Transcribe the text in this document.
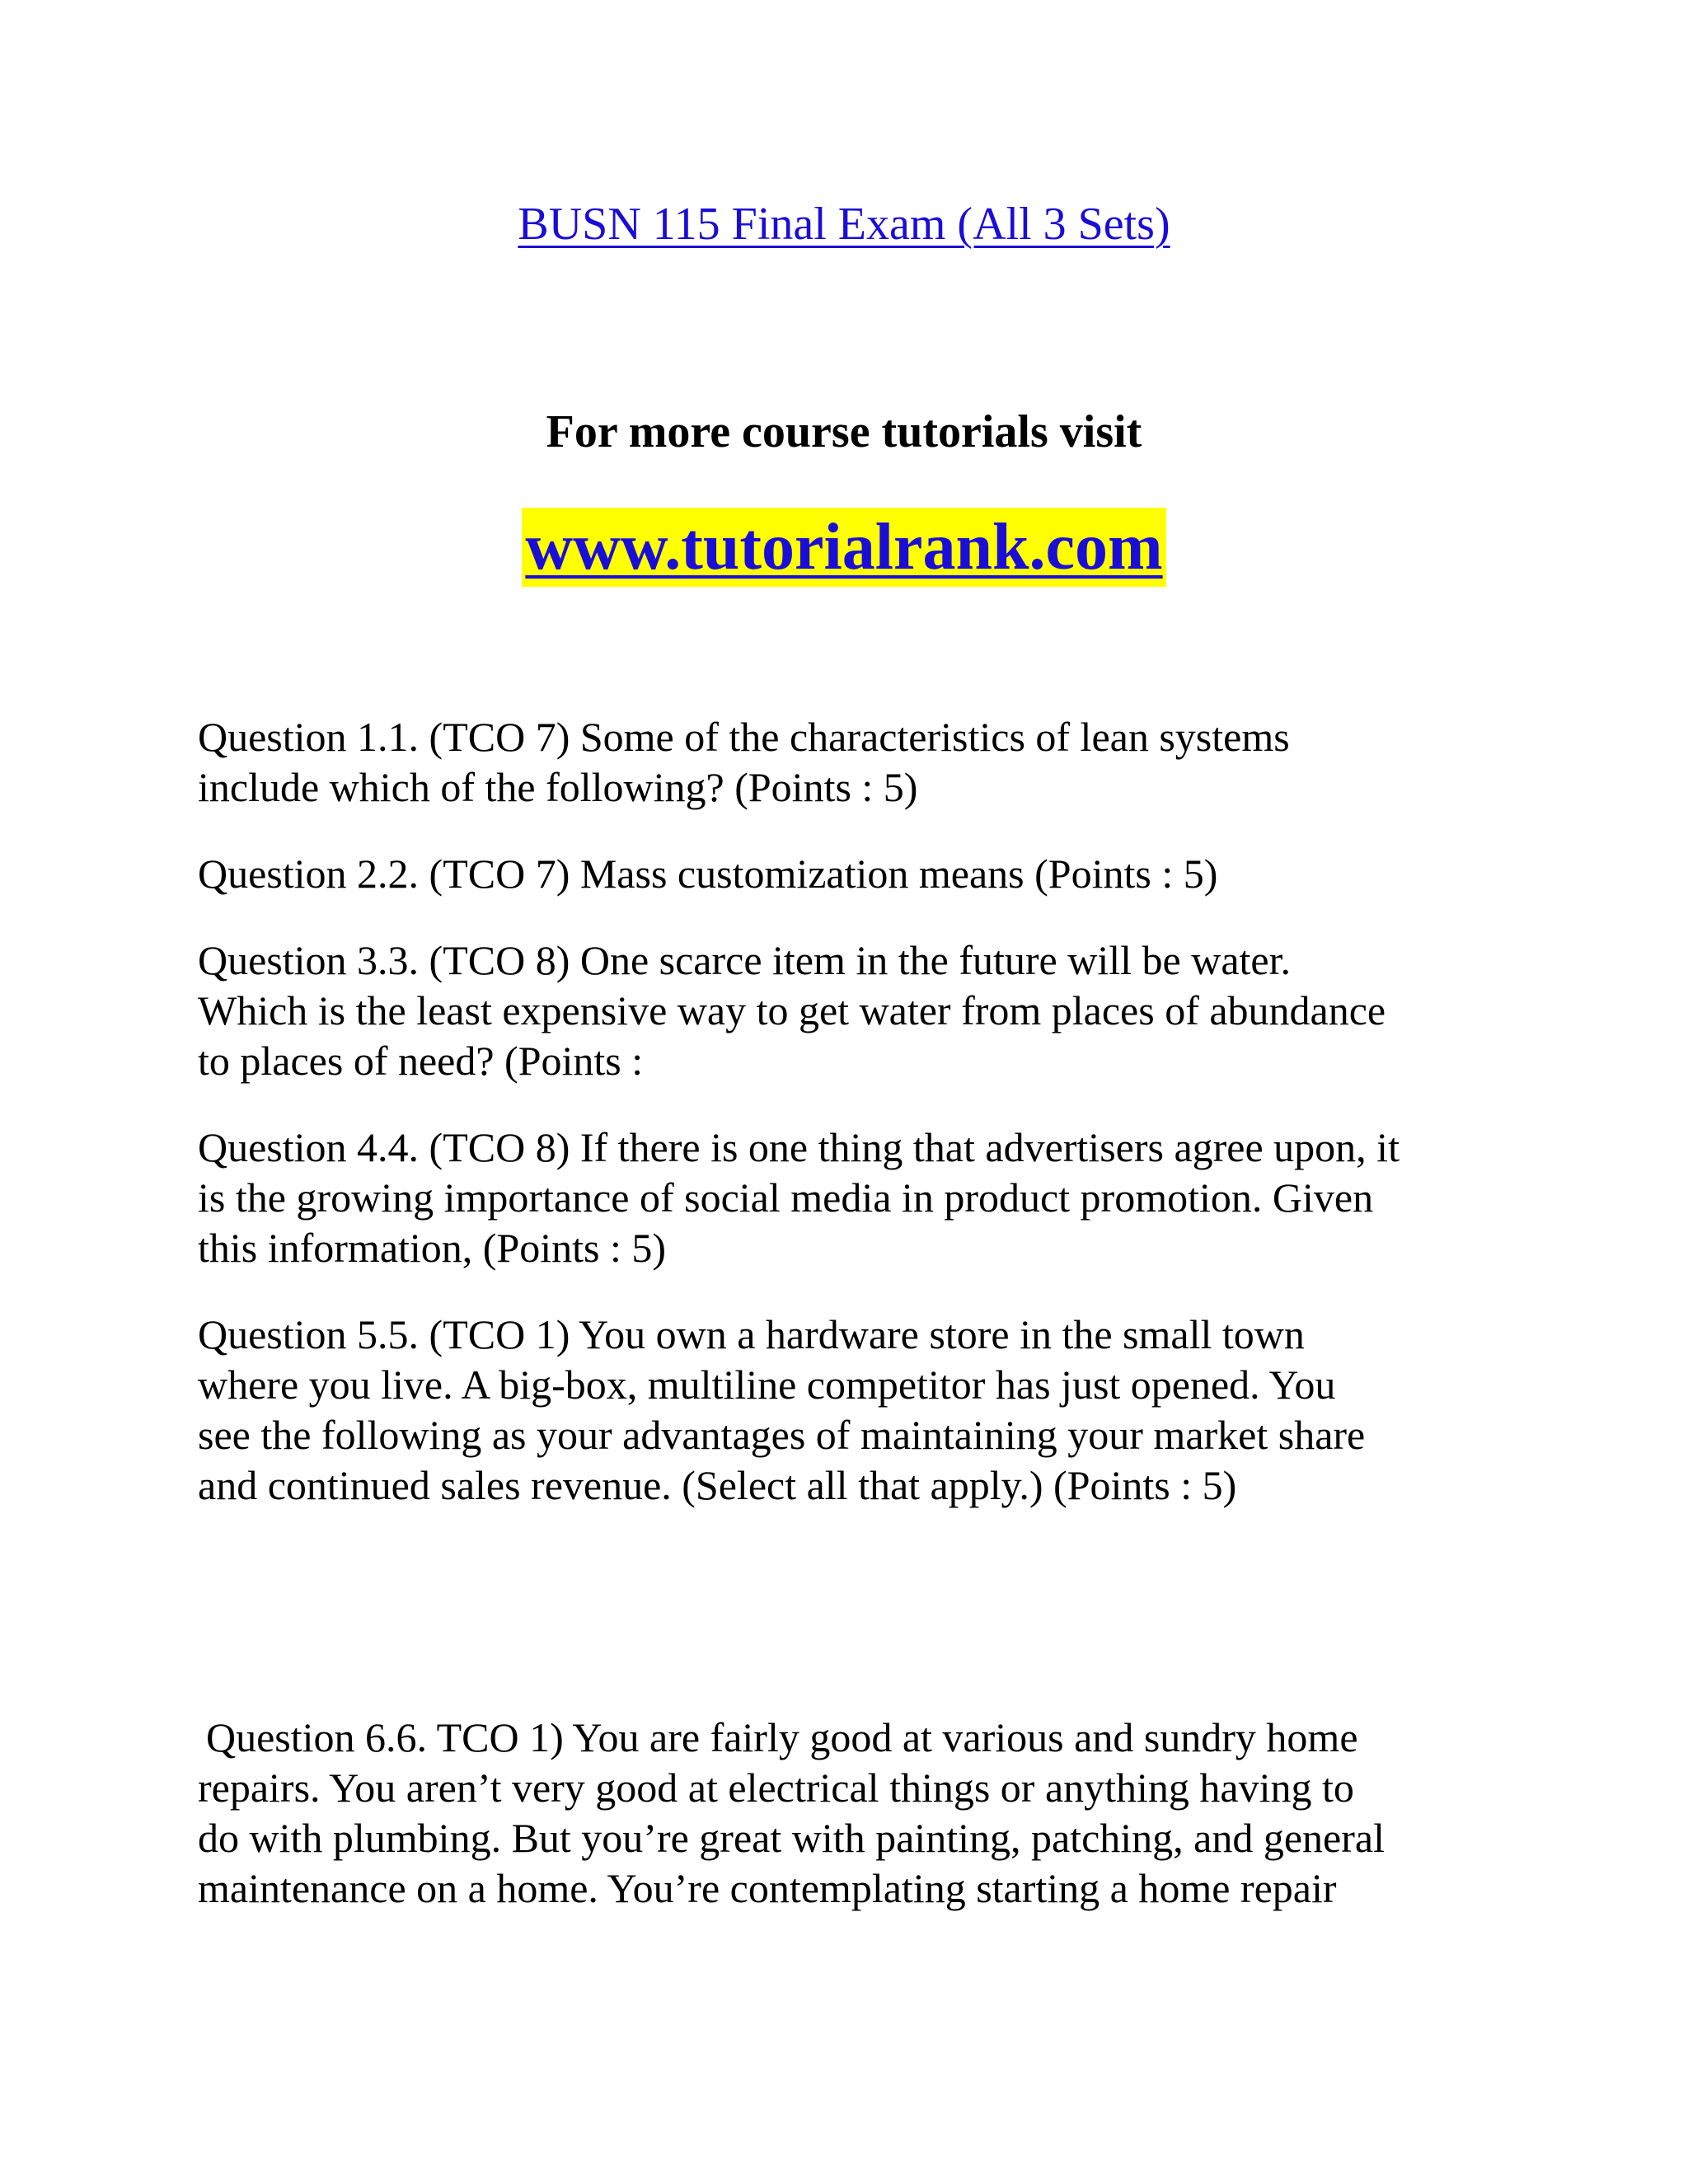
BUSN 115 Final Exam (All 3 Sets)
For more course tutorials visit
www.tutorialrank.com
Question 1.1. (TCO 7) Some of the characteristics of lean systems
include which of the following? (Points : 5)
Question 2.2. (TCO 7) Mass customization means (Points : 5)
Question 3.3. (TCO 8) One scarce item in the future will be water.
Which is the least expensive way to get water from places of abundance
to places of need? (Points :
Question 4.4. (TCO 8) If there is one thing that advertisers agree upon, it
is the growing importance of social media in product promotion. Given
this information, (Points : 5)
Question 5.5. (TCO 1) You own a hardware store in the small town
where you live. A big-box, multiline competitor has just opened. You
see the following as your advantages of maintaining your market share
and continued sales revenue. (Select all that apply.) (Points : 5)
Question 6.6. TCO 1) You are fairly good at various and sundry home
repairs. You aren’t very good at electrical things or anything having to
do with plumbing. But you’re great with painting, patching, and general
maintenance on a home. You’re contemplating starting a home repair
